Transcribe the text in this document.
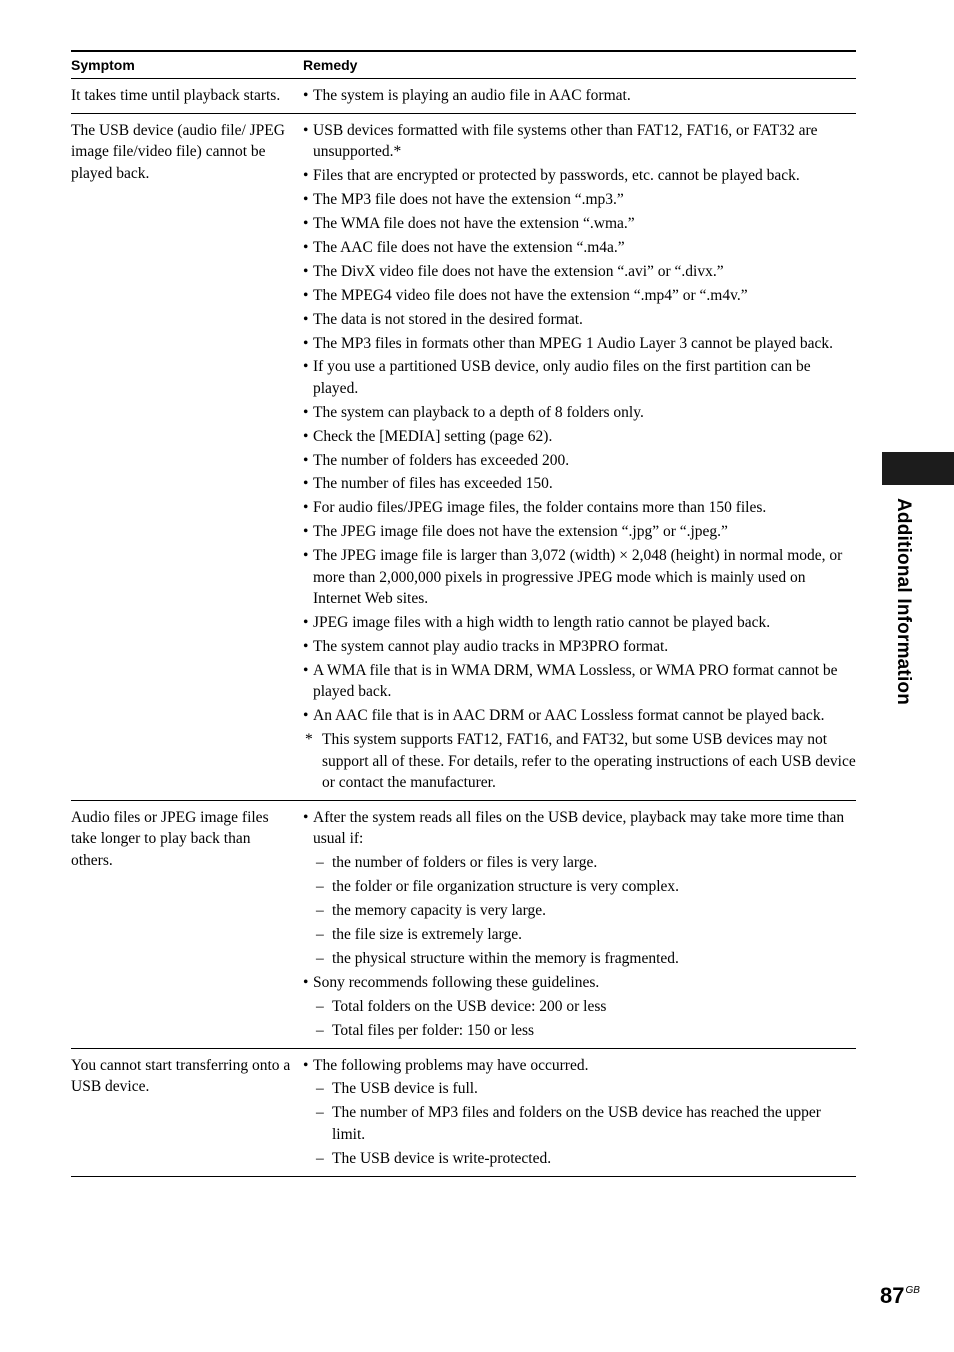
Symptom	Remedy
It takes time until playback starts.
•	The system is playing an audio file in AAC format.
The USB device (audio file/ JPEG image file/video file) cannot be played back.
• USB devices formatted with file systems other than FAT12, FAT16, or FAT32 are unsupported.*
• Files that are encrypted or protected by passwords, etc. cannot be played back.
• The MP3 file does not have the extension “.mp3.”
• The WMA file does not have the extension “.wma.”
• The AAC file does not have the extension “.m4a.”
• The DivX video file does not have the extension “.avi” or “.divx.”
• The MPEG4 video file does not have the extension “.mp4” or “.m4v.”
• The data is not stored in the desired format.
• The MP3 files in formats other than MPEG 1 Audio Layer 3 cannot be played back.
• If you use a partitioned USB device, only audio files on the first partition can be played.
• The system can playback to a depth of 8 folders only.
• Check the [MEDIA] setting (page 62).
• The number of folders has exceeded 200.
• The number of files has exceeded 150.
• For audio files/JPEG image files, the folder contains more than 150 files.
• The JPEG image file does not have the extension “.jpg” or “.jpeg.”
• The JPEG image file is larger than 3,072 (width) × 2,048 (height) in normal mode, or more than 2,000,000 pixels in progressive JPEG mode which is mainly used on Internet Web sites.
• JPEG image files with a high width to length ratio cannot be played back.
• The system cannot play audio tracks in MP3PRO format.
• A WMA file that is in WMA DRM, WMA Lossless, or WMA PRO format cannot be played back.
• An AAC file that is in AAC DRM or AAC Lossless format cannot be played back.
* This system supports FAT12, FAT16, and FAT32, but some USB devices may not support all of these. For details, refer to the operating instructions of each USB device or contact the manufacturer.
Audio files or JPEG image files take longer to play back than others.
• After the system reads all files on the USB device, playback may take more time than usual if:
– the number of folders or files is very large.
– the folder or file organization structure is very complex.
– the memory capacity is very large.
– the file size is extremely large.
– the physical structure within the memory is fragmented.
• Sony recommends following these guidelines.
– Total folders on the USB device: 200 or less
– Total files per folder: 150 or less
You cannot start transferring onto a USB device.
• The following problems may have occurred.
– The USB device is full.
– The number of MP3 files and folders on the USB device has reached the upper limit.
– The USB device is write-protected.
Additional Information
$87^{GB}$
